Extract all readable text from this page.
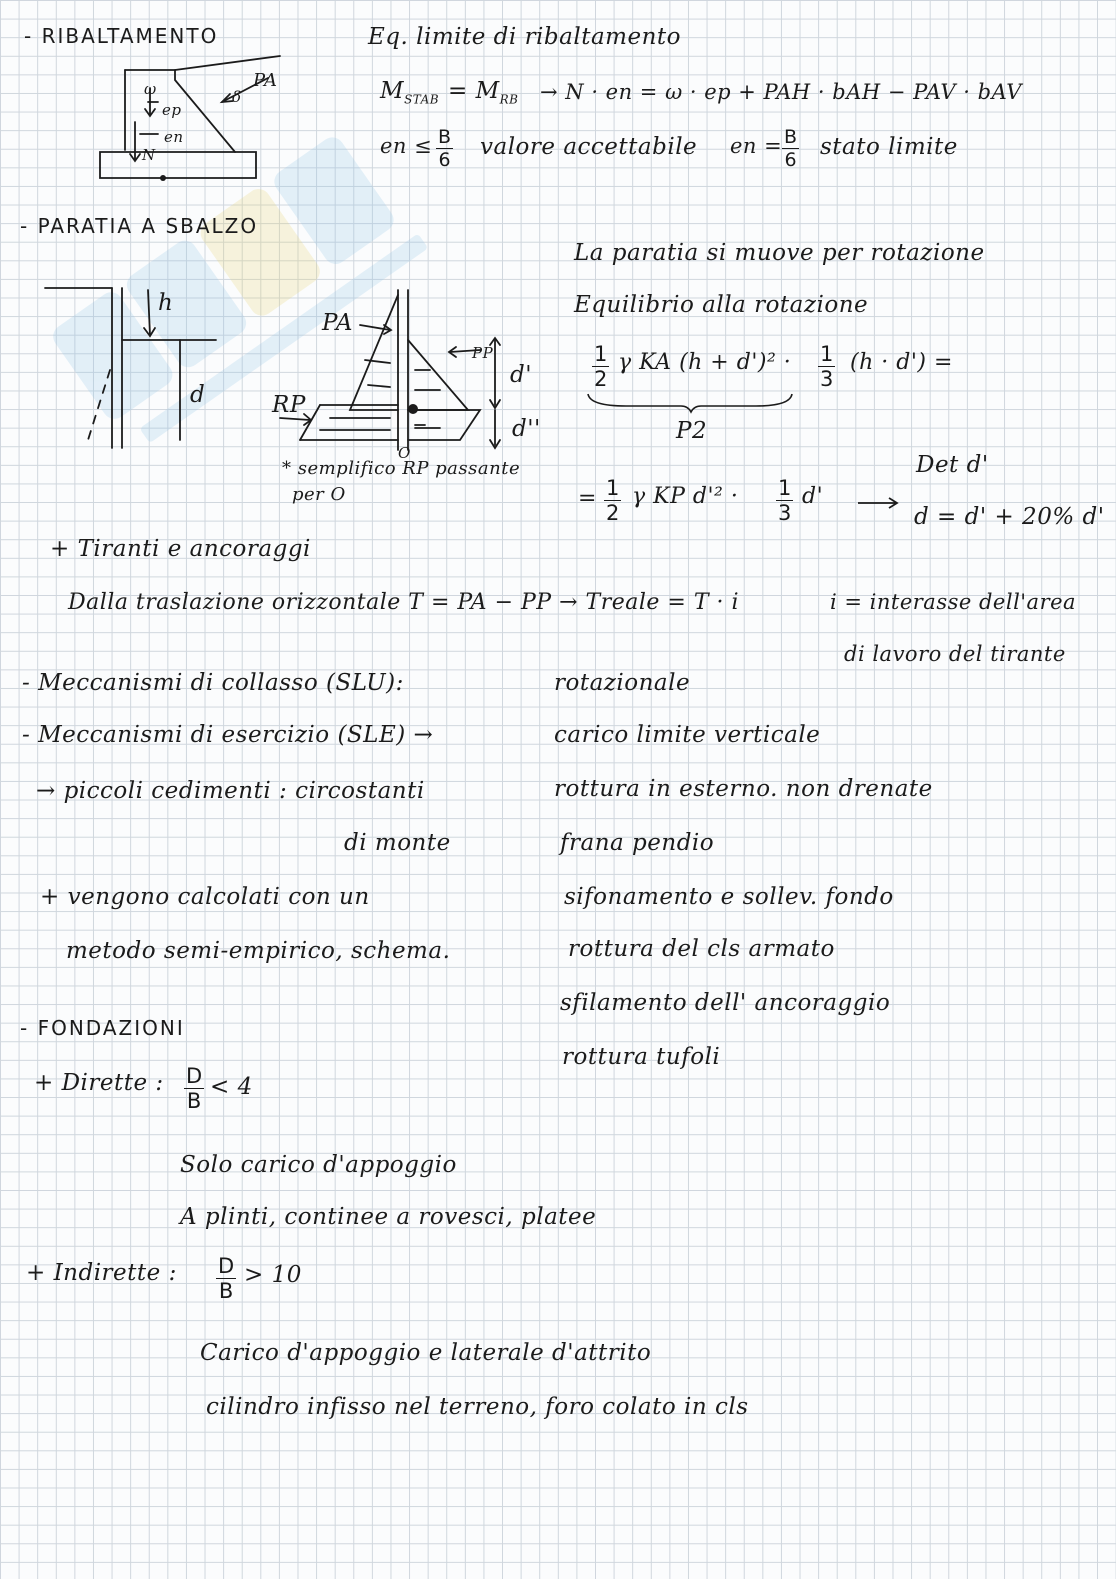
- RIBALTAMENTO
ω
ep
en
N
PA
δ
Eq. limite di ribaltamento
$M_{STAB} = M_{RB} \to N$ · en = ω · ep + PAH · bAH − PAV · bAV
en ≤ $\frac{B}{6}$ valore accettabile en = $\frac{B}{6}$ stato limite
- PARATIA A SBALZO
h
d
PA
RP
PP
d'
d''
O
* semplifico RP passante
per O
La paratia si muove per rotazione
Equilibrio alla rotazione
$\frac{1}{2}$ γ KA $(h + d')^2 \cdot \frac{1}{3} (h \cdot d')$ =
P2
= $\frac{1}{2}$ γ KP $d'^2 \cdot \frac{1}{3} d'$
Det d'
d = d' + 20% d'
+ Tiranti e ancoraggi
Dalla traslazione orizzontale T = PA − PP → Treale = T · i	i = interasse dell'area
di lavoro del tirante
- Meccanismi di collasso (SLU):
- Meccanismi di esercizio (SLE) →
→ piccoli cedimenti : circostanti
di monte
+ vengono calcolati con un
metodo semi-empirico, schema.
rotazionale
carico limite verticale
rottura in esterno. non drenate
frana pendio
sifonamento e sollev. fondo
rottura del cls armato
sfilamento dell' ancoraggio
rottura tufoli
- FONDAZIONI
+ Dirette : $\frac{D}{B} < 4$
Solo carico d'appoggio
A plinti, continee a rovesci, platee
+ Indirette : $\frac{D}{B} > 10$
Carico d'appoggio e laterale d'attrito
cilindro infisso nel terreno, foro colato in cls
